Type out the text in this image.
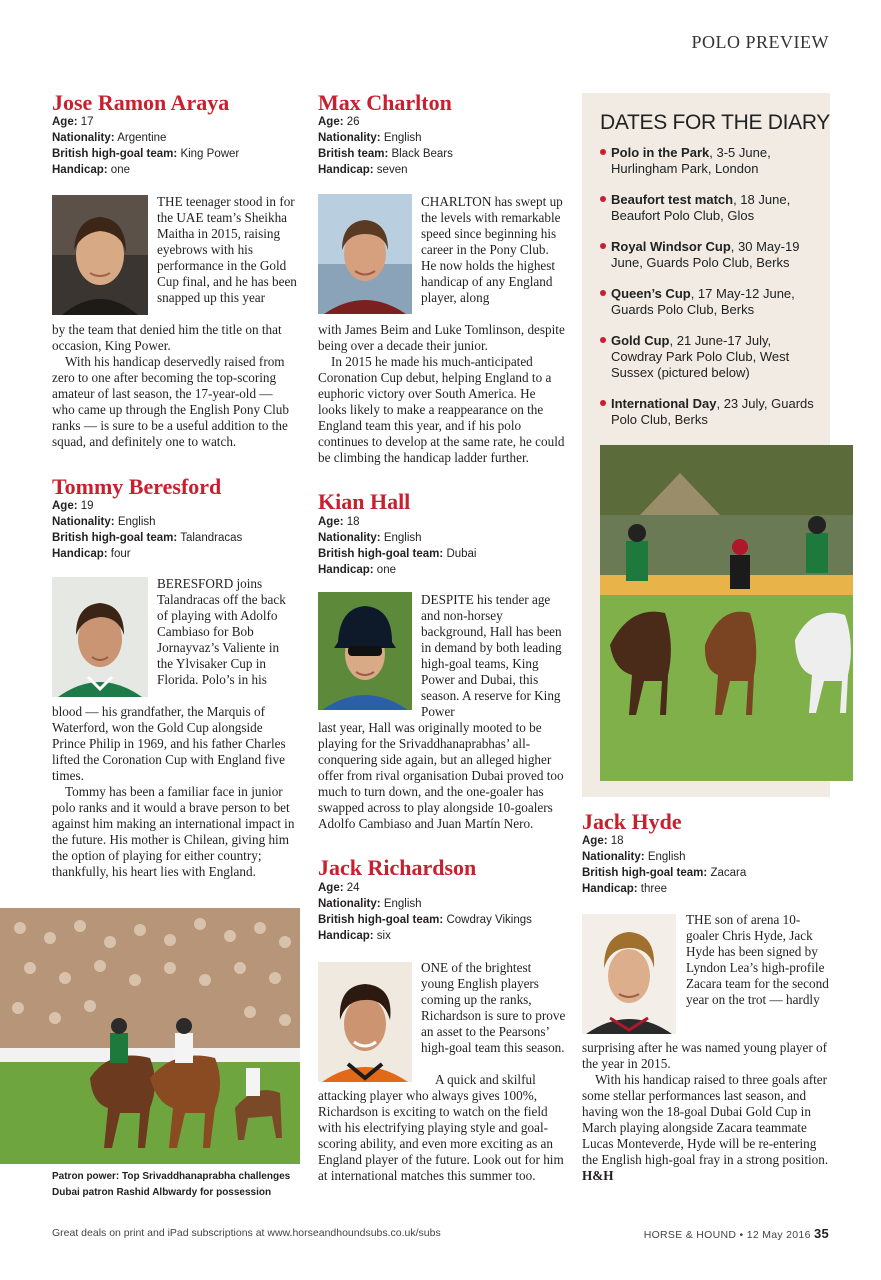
POLO PREVIEW
Jose Ramon Araya
Age: 17
Nationality: Argentine
British high-goal team: King Power
Handicap: one
THE teenager stood in for the UAE team’s Sheikha Maitha in 2015, raising eyebrows with his performance in the Gold Cup final, and he has been snapped up this year
by the team that denied him the title on that occasion, King Power.

With his handicap deservedly raised from zero to one after becoming the top-scoring amateur of last season, the 17-year-old — who came up through the English Pony Club ranks — is sure to be a useful addition to the squad, and definitely one to watch.

Tommy Beresford
Age: 19
Nationality: English
British high-goal team: Talandracas
Handicap: four
BERESFORD joins Talandracas off the back of playing with Adolfo Cambiaso for Bob Jornayvaz’s Valiente in the Ylvisaker Cup in Florida. Polo’s in his
blood — his grandfather, the Marquis of Waterford, won the Gold Cup alongside Prince Philip in 1969, and his father Charles lifted the Coronation Cup with England five times.

Tommy has been a familiar face in junior polo ranks and it would a brave person to bet against him making an international impact in the future. His mother is Chilean, giving him the option of playing for either country; thankfully, his heart lies with England.

Patron power: Top Srivaddhanaprabha challenges Dubai patron Rashid Albwardy for possession
Max Charlton
Age: 26
Nationality: English
British team: Black Bears
Handicap: seven
CHARLTON has swept up the levels with remarkable speed since beginning his career in the Pony Club. He now holds the highest handicap of any England player, along
with James Beim and Luke Tomlinson, despite being over a decade their junior.

In 2015 he made his much-anticipated Coronation Cup debut, helping England to a euphoric victory over South America. He looks likely to make a reappearance on the England team this year, and if his polo continues to develop at the same rate, he could be climbing the handicap ladder further.

Kian Hall
Age: 18
Nationality: English
British high-goal team: Dubai
Handicap: one
DESPITE his tender age and non-horsey background, Hall has been in demand by both leading high-goal teams, King Power and Dubai, this season. A reserve for King Power
last year, Hall was originally mooted to be playing for the Srivaddhanaprabhas’ all-conquering side again, but an alleged higher offer from rival organisation Dubai proved too much to turn down, and the one-goaler has swapped across to play alongside 10-goalers Adolfo Cambiaso and Juan Martín Nero.
Jack Richardson
Age: 24
Nationality: English
British high-goal team: Cowdray Vikings
Handicap: six
ONE of the brightest young English players coming up the ranks, Richardson is sure to prove an asset to the Pearsons’ high-goal team this season.
A quick and skilful
attacking player who always gives 100%, Richardson is exciting to watch on the field with his electrifying playing style and goal-scoring ability, and even more exciting as an England player of the future. Look out for him at international matches this summer too.
DATES FOR THE DIARY
Polo in the Park, 3-5 June, Hurlingham Park, London
Beaufort test match, 18 June, Beaufort Polo Club, Glos
Royal Windsor Cup, 30 May-19 June, Guards Polo Club, Berks
Queen’s Cup, 17 May-12 June, Guards Polo Club, Berks
Gold Cup, 21 June-17 July, Cowdray Park Polo Club, West Sussex (pictured below)
International Day, 23 July, Guards Polo Club, Berks
Jack Hyde
Age: 18
Nationality: English
British high-goal team: Zacara
Handicap: three
THE son of arena 10-goaler Chris Hyde, Jack Hyde has been signed by Lyndon Lea’s high-profile Zacara team for the second year on the trot — hardly
surprising after he was named young player of the year in 2015.

With his handicap raised to three goals after some stellar performances last season, and having won the 18-goal Dubai Gold Cup in March playing alongside Zacara teammate Lucas Monteverde, Hyde will be re-entering the English high-goal fray in a strong position. H&H

Great deals on print and iPad subscriptions at www.horseandhoundsubs.co.uk/subs	HORSE & HOUND • 12 May 2016 35
